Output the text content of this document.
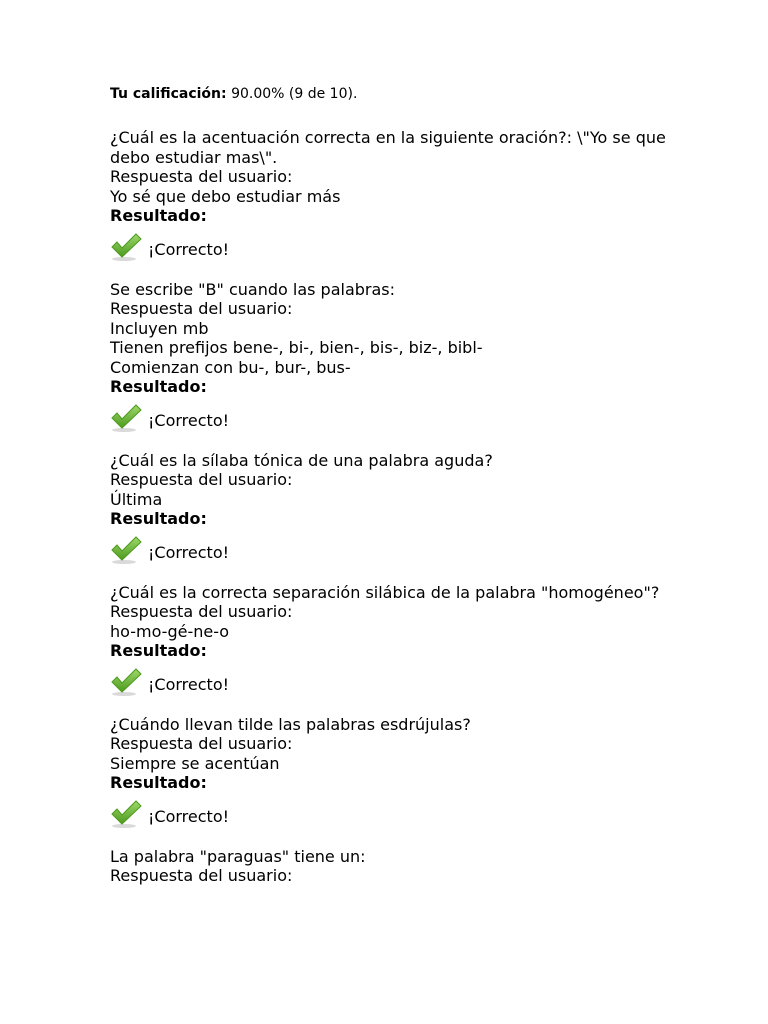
Tu calificación: 90.00% (9 de 10).
¿Cuál es la acentuación correcta en la siguiente oración?: \"Yo se que debo estudiar mas\".
Respuesta del usuario:
Yo sé que debo estudiar más
Resultado:
¡Correcto!
Se escribe "B" cuando las palabras:
Respuesta del usuario:
Incluyen mb
Tienen prefijos bene-, bi-, bien-, bis-, biz-, bibl-
Comienzan con bu-, bur-, bus-
Resultado:
¡Correcto!
¿Cuál es la sílaba tónica de una palabra aguda?
Respuesta del usuario:
Última
Resultado:
¡Correcto!
¿Cuál es la correcta separación silábica de la palabra "homogéneo"?
Respuesta del usuario:
ho-mo-gé-ne-o
Resultado:
¡Correcto!
¿Cuándo llevan tilde las palabras esdrújulas?
Respuesta del usuario:
Siempre se acentúan
Resultado:
¡Correcto!
La palabra "paraguas" tiene un:
Respuesta del usuario:
